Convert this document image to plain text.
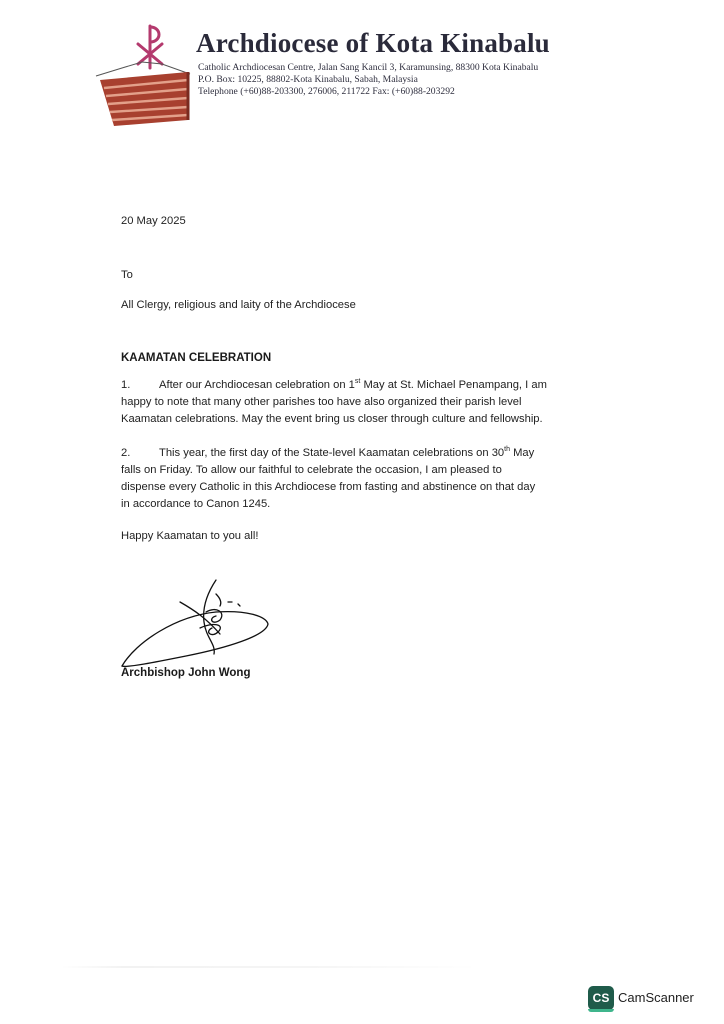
Archdiocese of Kota Kinabalu
Catholic Archdiocesan Centre, Jalan Sang Kancil 3, Karamunsing, 88300 Kota Kinabalu
P.O. Box: 10225, 88802-Kota Kinabalu, Sabah, Malaysia
Telephone (+60)88-203300, 276006, 211722 Fax: (+60)88-203292
20 May 2025
To
All Clergy, religious and laity of the Archdiocese
KAAMATAN CELEBRATION
1.	After our Archdiocesan celebration on 1st May at St. Michael Penampang, I am
happy to note that many other parishes too have also organized their parish level
Kaamatan celebrations. May the event bring us closer through culture and fellowship.
2.	This year, the first day of the State-level Kaamatan celebrations on 30th May
falls on Friday. To allow our faithful to celebrate the occasion, I am pleased to
dispense every Catholic in this Archdiocese from fasting and abstinence on that day
in accordance to Canon 1245.
Happy Kaamatan to you all!
Archbishop John Wong
CS CamScanner
